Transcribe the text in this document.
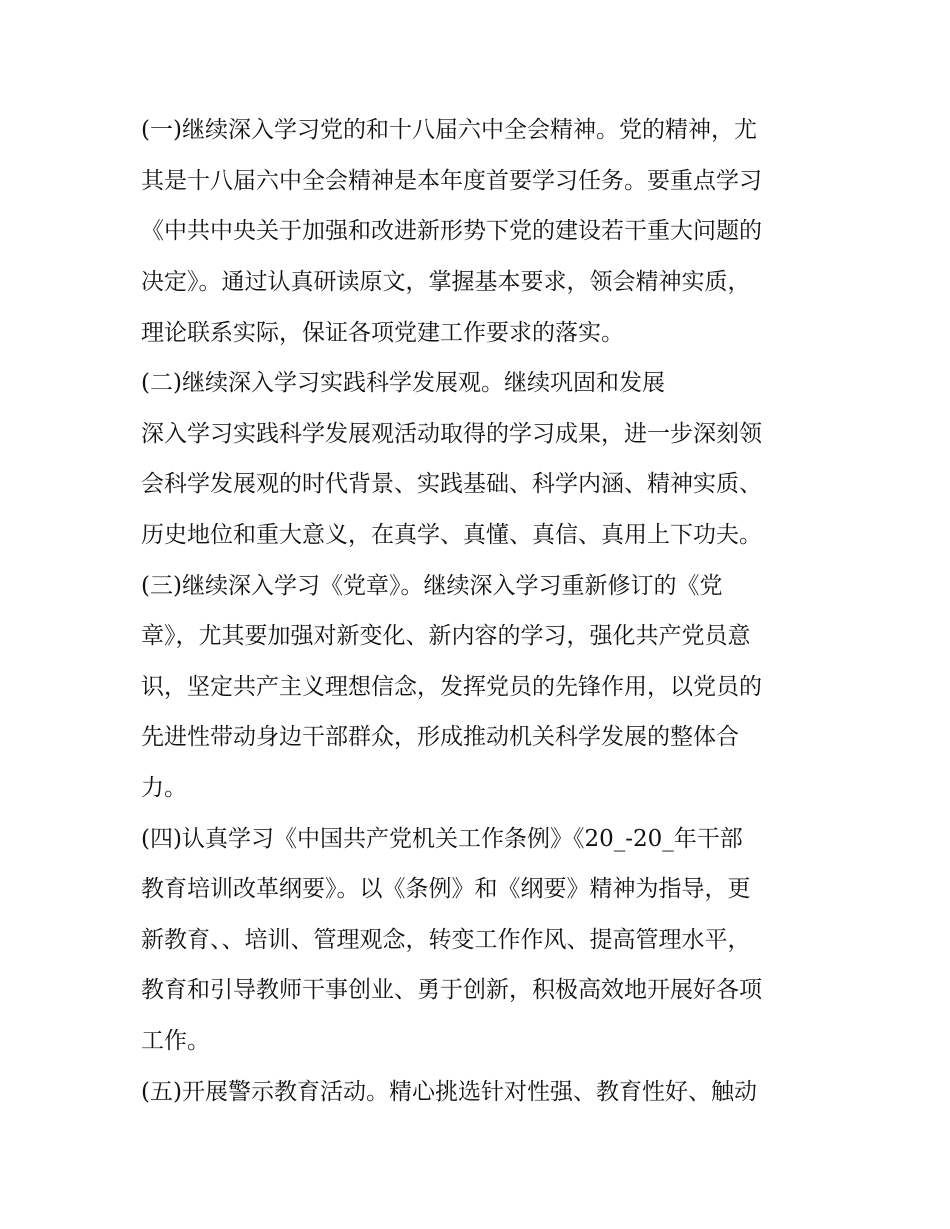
(一)继续深入学习党的和十八届六中全会精神。党的精神，尤
其是十八届六中全会精神是本年度首要学习任务。要重点学习
《中共中央关于加强和改进新形势下党的建设若干重大问题的
决定》。通过认真研读原文，掌握基本要求，领会精神实质，
理论联系实际，保证各项党建工作要求的落实。
(二)继续深入学习实践科学发展观。继续巩固和发展
深入学习实践科学发展观活动取得的学习成果，进一步深刻领
会科学发展观的时代背景、实践基础、科学内涵、精神实质、
历史地位和重大意义，在真学、真懂、真信、真用上下功夫。
(三)继续深入学习《党章》。继续深入学习重新修订的《党
章》，尤其要加强对新变化、新内容的学习，强化共产党员意
识，坚定共产主义理想信念，发挥党员的先锋作用，以党员的
先进性带动身边干部群众，形成推动机关科学发展的整体合
力。
(四)认真学习《中国共产党机关工作条例》《20_-20_年干部
教育培训改革纲要》。以《条例》和《纲要》精神为指导，更
新教育、、培训、管理观念，转变工作作风、提高管理水平，
教育和引导教师干事创业、勇于创新，积极高效地开展好各项
工作。
(五)开展警示教育活动。精心挑选针对性强、教育性好、触动
